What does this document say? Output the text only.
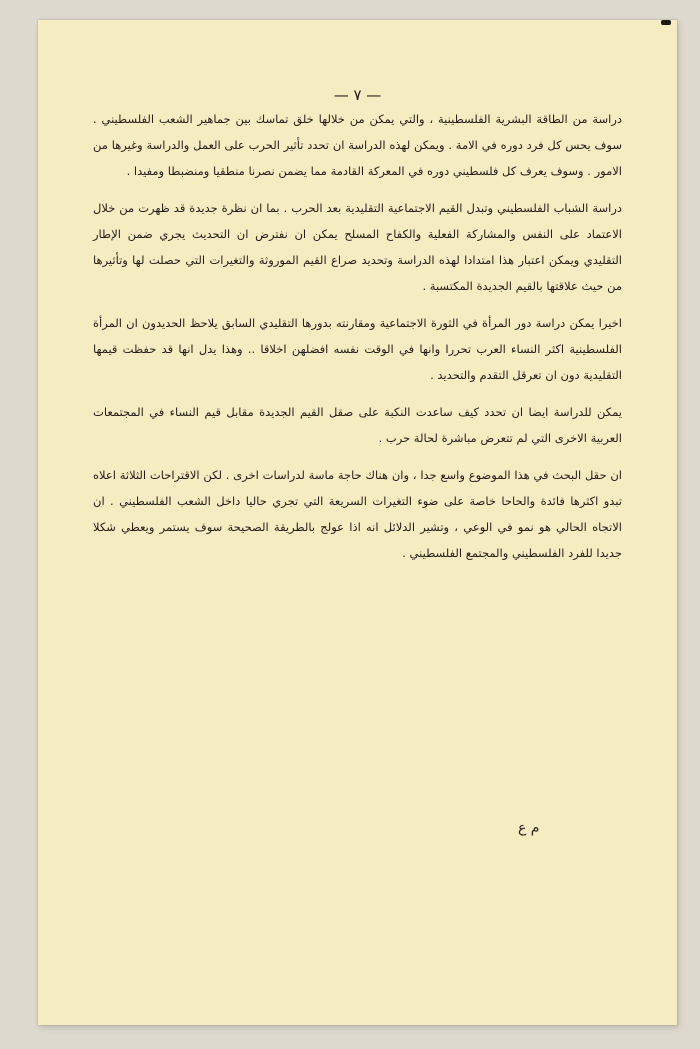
— ٧ —

دراسة من الطاقة البشرية الفلسطينية ، والتي يمكن من خلالها خلق تماسك بين جماهير الشعب الفلسطيني . سوف يحس كل فرد دوره في الامة . ويمكن لهذه الدراسة ان تحدد تأثير الحرب على العمل والدراسة وغيرها من الامور . وسوف يعرف كل فلسطيني دوره في المعركة القادمة مما يضمن نصرنا منطقيا ومنضبطا ومفيدا .

دراسة الشباب الفلسطيني وتبدل القيم الاجتماعية التقليدية بعد الحرب . بما ان نظرة جديدة قد ظهرت من خلال الاعتماد على النفس والمشاركة الفعلية والكفاح المسلح يمكن ان نفترض ان التحديث يجري ضمن الإطار التقليدي ويمكن اعتبار هذا امتدادا لهذه الدراسة وتحديد صراع القيم الموروثة والتغيرات التي حصلت لها وتأثيرها من حيث علاقتها بالقيم الجديدة المكتسبة .

اخيرا يمكن دراسة دور المرأة في الثورة الاجتماعية ومقارنته بدورها التقليدي السابق يلاحظ الحديدون ان المرأة الفلسطينية اكثر النساء العرب تحررا وانها في الوقت نفسه افضلهن اخلاقا .. وهذا يدل انها قد حفظت قيمها التقليدية دون ان تعرقل التقدم والتحديد .

يمكن للدراسة ايضا ان تحدد كيف ساعدت النكبة على صقل القيم الجديدة مقابل قيم النساء في المجتمعات العربية الاخرى التي لم تتعرض مباشرة لحالة حرب .

ان حقل البحث في هذا الموضوع واسع جدا ، وان هناك حاجة ماسة لدراسات اخرى . لكن الاقتراحات الثلاثة اعلاه تبدو اكثرها فائدة والحاحا خاصة على ضوء التغيرات السريعة التي تجري حاليا داخل الشعب الفلسطيني . ان الاتجاه الحالي هو نمو في الوعي ، وتشير الدلائل انه اذا عولج بالطريقة الصحيحة سوف يستمر ويعطي شكلا جديدا للفرد الفلسطيني والمجتمع الفلسطيني .

م ع
